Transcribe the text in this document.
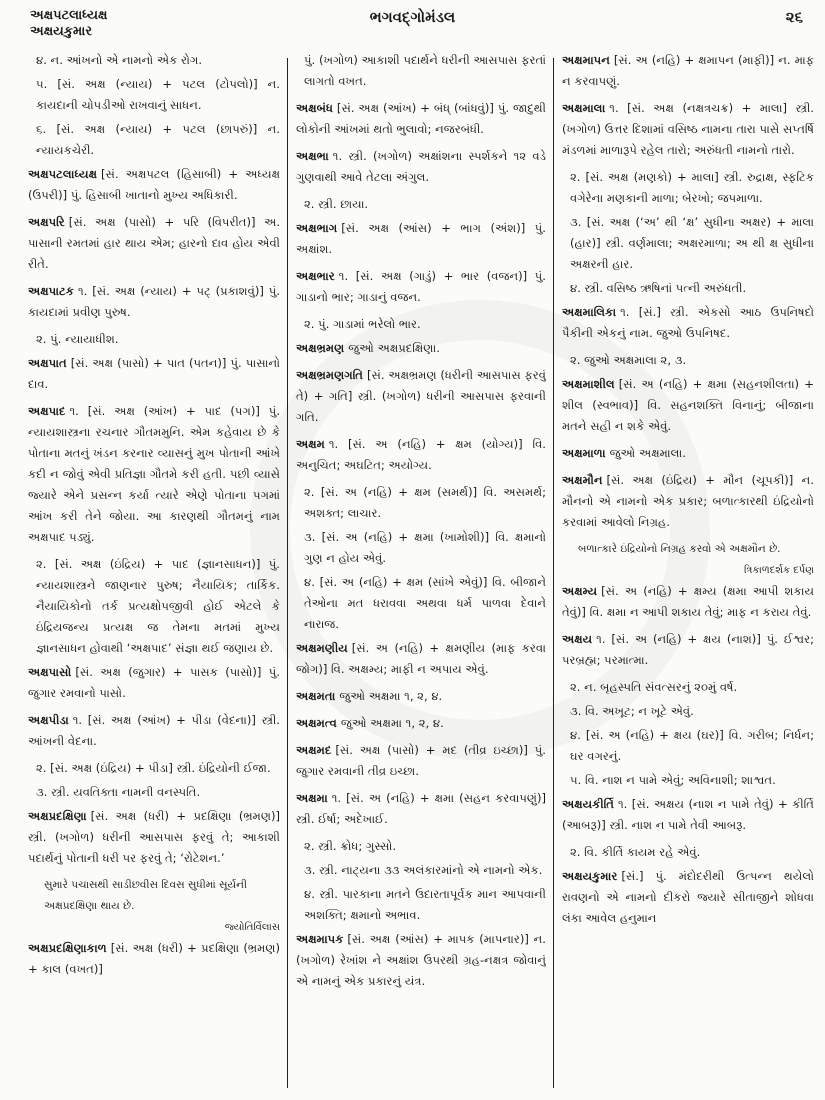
અક્ષપટલાધ્યક્ષ
અક્ષયકુમાર
ભગવદ્ગોમંડલ	૨૬
૪. ન. આંખનો એ નામનો એક રોગ.
૫. [સં. અક્ષ (ન્યાય) + પટલ (ટોપલો)] ન. કાયદાની ચોપડીઓ રાખવાનું સાધન.
૬. [સં. અક્ષ (ન્યાય) + પટલ (છાપરું)] ન. ન્યાયકચેરી.
અક્ષપટલાધ્યક્ષ [સં. અક્ષપટલ (હિસાબી) + અધ્યક્ષ (ઉપરી)] પું. હિસાબી ખાતાનો મુખ્ય અધિકારી.
અક્ષપરિ [સં. અક્ષ (પાસો) + પરિ (વિપરીત)] અ. પાસાની રમતમાં હાર થાય એમ; હારનો દાવ હોય એવી રીતે.
અક્ષપાટક ૧. [સં. અક્ષ (ન્યાય) + પટ્ (પ્રકાશવું)] પું. કાયદામાં પ્રવીણ પુરુષ.
૨. પું. ન્યાયાધીશ.
અક્ષપાત [સં. અક્ષ (પાસો) + પાત (પતન)] પું. પાસાનો દાવ.
અક્ષપાદ ૧. [સં. અક્ષ (આંખ) + પાદ (પગ)] પું. ન્યાયશાસ્ત્રના રચનાર ગૌતમમુનિ. એમ કહેવાય છે કે પોતાના મતનું ખંડન કરનાર વ્યાસનું મુખ પોતાની આંખે કદી ન જોવું એવી પ્રતિજ્ઞા ગૌતમે કરી હતી. પછી વ્યાસે જ્યારે એને પ્રસન્ન કર્યા ત્યારે એણે પોતાના પગમાં આંખ કરી તેને જોયા. આ કારણથી ગૌતમનું નામ અક્ષપાદ પડ્યું.
૨. [સં. અક્ષ (ઇંદ્રિય) + પાદ (જ્ઞાનસાધન)] પું. ન્યાયશાસ્ત્રને જાણનાર પુરુષ; નૈયાયિક; તાર્કિક. નૈયાયિકોનો તર્ક પ્રત્યક્ષોપજીવી હોઈ એટલે કે ઇંદ્રિયજન્ય પ્રત્યક્ષ જ તેમના મતમાં મુખ્ય જ્ઞાનસાધન હોવાથી ‘અક્ષપાદ’ સંજ્ઞા થઈ જણાય છે.
અક્ષપાસો [સં. અક્ષ (જુગાર) + પાસક (પાસો)] પું. જુગાર રમવાનો પાસો.
અક્ષપીડા ૧. [સં. અક્ષ (આંખ) + પીડા (વેદના)] સ્ત્રી. આંખની વેદના.
૨. [સં. અક્ષ (ઇંદ્રિય) + પીડા] સ્ત્રી. ઇંદ્રિયોની ઈજા.
૩. સ્ત્રી. યવતિક્તા નામની વનસ્પતિ.
અક્ષપ્રદક્ષિણા [સં. અક્ષ (ધરી) + પ્રદક્ષિણા (ભ્રમણ)] સ્ત્રી. (ખગોળ) ધરીની આસપાસ ફરવું તે; આકાશી પદાર્થનું પોતાની ધરી પર ફરવું તે; ‘રોટેશન.’
સુમારે પચાસથી સાડીછવીસ દિવસ સુધીમાં સૂર્યની અક્ષપ્રદક્ષિણા થાય છે.
જ્યોતિર્વિલાસ
અક્ષપ્રદક્ષિણાકાળ [સં. અક્ષ (ધરી) + પ્રદક્ષિણા (ભ્રમણ) + કાલ (વખત)]
પું. (ખગોળ) આકાશી પદાર્થને ધરીની આસપાસ ફરતાં લાગતો વખત.
અક્ષબંધ [સં. અક્ષ (આંખ) + બંધ્ (બાંધવું)] પું. જાદુથી લોકોની આંખમાં થતો ભુલાવો; નજરબંધી.
અક્ષભા ૧. સ્ત્રી. (ખગોળ) અક્ષાંશના સ્પર્શકને ૧૨ વડે ગુણવાથી આવે તેટલા અંગુલ.
૨. સ્ત્રી. છાયા.
અક્ષભાગ [સં. અક્ષ (આંસ) + ભાગ (અંશ)] પું. અક્ષાંશ.
અક્ષભાર ૧. [સં. અક્ષ (ગાડું) + ભાર (વજન)] પું. ગાડાનો ભાર; ગાડાનું વજન.
૨. પું. ગાડામાં ભરેલો ભાર.
અક્ષભ્રમણ જુઓ અક્ષપ્રદક્ષિણા.
અક્ષભ્રમણગતિ [સં. અક્ષભ્રમણ (ધરીની આસપાસ ફરવું તે) + ગતિ] સ્ત્રી. (ખગોળ) ધરીની આસપાસ ફરવાની ગતિ.
અક્ષમ ૧. [સં. અ (નહિ) + ક્ષમ (યોગ્ય)] વિ. અનુચિત; અઘટિત; અયોગ્ય.
૨. [સં. અ (નહિ) + ક્ષમ (સમર્થ)] વિ. અસમર્થ; અશક્ત; લાચાર.
૩. [સં. અ (નહિ) + ક્ષમા (ખામોશી)] વિ. ક્ષમાનો ગુણ ન હોય એવું.
૪. [સં. અ (નહિ) + ક્ષમ (સાંખે એવું)] વિ. બીજાને તેઓના મત ધરાવવા અથવા ધર્મ પાળવા દેવાને નારાજ.
અક્ષમણીય [સં. અ (નહિ) + ક્ષમણીય (માફ કરવા જોગ)] વિ. અક્ષમ્ય; માફી ન અપાય એવું.
અક્ષમતા જુઓ અક્ષમા ૧, ૨, ૪.
અક્ષમત્વ જુઓ અક્ષમા ૧, ૨, ૪.
અક્ષમદ [સં. અક્ષ (પાસો) + મદ (તીવ્ર ઇચ્છા)] પું. જુગાર રમવાની તીવ્ર ઇચ્છા.
અક્ષમા ૧. [સં. અ (નહિ) + ક્ષમા (સહન કરવાપણું)] સ્ત્રી. ઈર્ષા; અદેખાઈ.
૨. સ્ત્રી. ક્રોધ; ગુસ્સો.
૩. સ્ત્રી. નાટ્યના ૩૩ અલંકારમાંનો એ નામનો એક.
૪. સ્ત્રી. પારકાના મતને ઉદારતાપૂર્વક માન આપવાની અશક્તિ; ક્ષમાનો અભાવ.
અક્ષમાપક [સં. અક્ષ (આંસ) + માપક (માપનાર)] ન. (ખગોળ) રેખાંશ ને અક્ષાંશ ઉપરથી ગ્રહ-નક્ષત્ર જોવાનું એ નામનું એક પ્રકારનું યંત્ર.
અક્ષમાપન [સં. અ (નહિ) + ક્ષમાપન (માફી)] ન. માફ ન કરવાપણું.
અક્ષમાલા ૧. [સં. અક્ષ (નક્ષત્રચક્ર) + માલા] સ્ત્રી. (ખગોળ) ઉત્તર દિશામાં વસિષ્ઠ નામના તારા પાસે સપ્તર્ષિ મંડળમાં માળારૂપે રહેલ તારો; અરુંધતી નામનો તારો.
૨. [સં. અક્ષ (મણકો) + માલા] સ્ત્રી. રુદ્રાક્ષ, સ્ફટિક વગેરેના મણકાની માળા; બેરખો; જપમાળા.
૩. [સં. અક્ષ (‘અ’ થી ‘ક્ષ’ સુધીના અક્ષર) + માલા (હાર)] સ્ત્રી. વર્ણમાલા; અક્ષરમાળા; અ થી ક્ષ સુધીના અક્ષરની હાર.
૪. સ્ત્રી. વસિષ્ઠ ઋષિનાં પત્ની અરુંધતી.
અક્ષમાલિકા ૧. [સં.] સ્ત્રી. એકસો આઠ ઉપનિષદો પૈકીની એકનું નામ. જુઓ ઉપનિષદ.
૨. જુઓ અક્ષમાલા ૨, ૩.
અક્ષમાશીલ [સં. અ (નહિ) + ક્ષમા (સહનશીલતા) + શીલ (સ્વભાવ)] વિ. સહનશક્તિ વિનાનું; બીજાના મતને સહી ન શકે એવું.
અક્ષમાળા જુઓ અક્ષમાલા.
અક્ષમૌન [સં. અક્ષ (ઇંદ્રિય) + મૌન (ચૂપકી)] ન. મૌનનો એ નામનો એક પ્રકાર; બળાત્કારથી ઇંદ્રિયોનો કરવામાં આવેલો નિગ્રહ.
બળાત્કારે ઇંદ્રિયોનો નિગ્રહ કરવો એ અક્ષમૌન છે.
ત્રિકાળદર્શક દર્પણ
અક્ષમ્ય [સં. અ (નહિ) + ક્ષમ્ય (ક્ષમા આપી શકાય તેવું)] વિ. ક્ષમા ન આપી શકાય તેવું; માફ ન કરાય તેવું.
અક્ષય ૧. [સં. અ (નહિ) + ક્ષય (નાશ)] પું. ઈશ્વર; પરબ્રહ્મ; પરમાત્મા.
૨. ન. બૃહસ્પતિ સંવત્સરનું ૨૦મું વર્ષ.
૩. વિ. અખૂટ; ન ખૂટે એવું.
૪. [સં. અ (નહિ) + ક્ષય (ઘર)] વિ. ગરીબ; નિર્ધન; ઘર વગરનું.
૫. વિ. નાશ ન પામે એવું; અવિનાશી; શાશ્વત.
અક્ષયકીર્તિ ૧. [સં. અક્ષય (નાશ ન પામે તેવું) + કીર્તિ (આબરૂ)] સ્ત્રી. નાશ ન પામે તેવી આબરૂ.
૨. વિ. કીર્તિ કાયમ રહે એવું.
અક્ષયકુમાર [સં.] પું. મંદોદરીથી ઉત્પન્ન થયેલો રાવણનો એ નામનો દીકરો જ્યારે સીતાજીને શોધવા લંકા આવેલ હનુમાન
